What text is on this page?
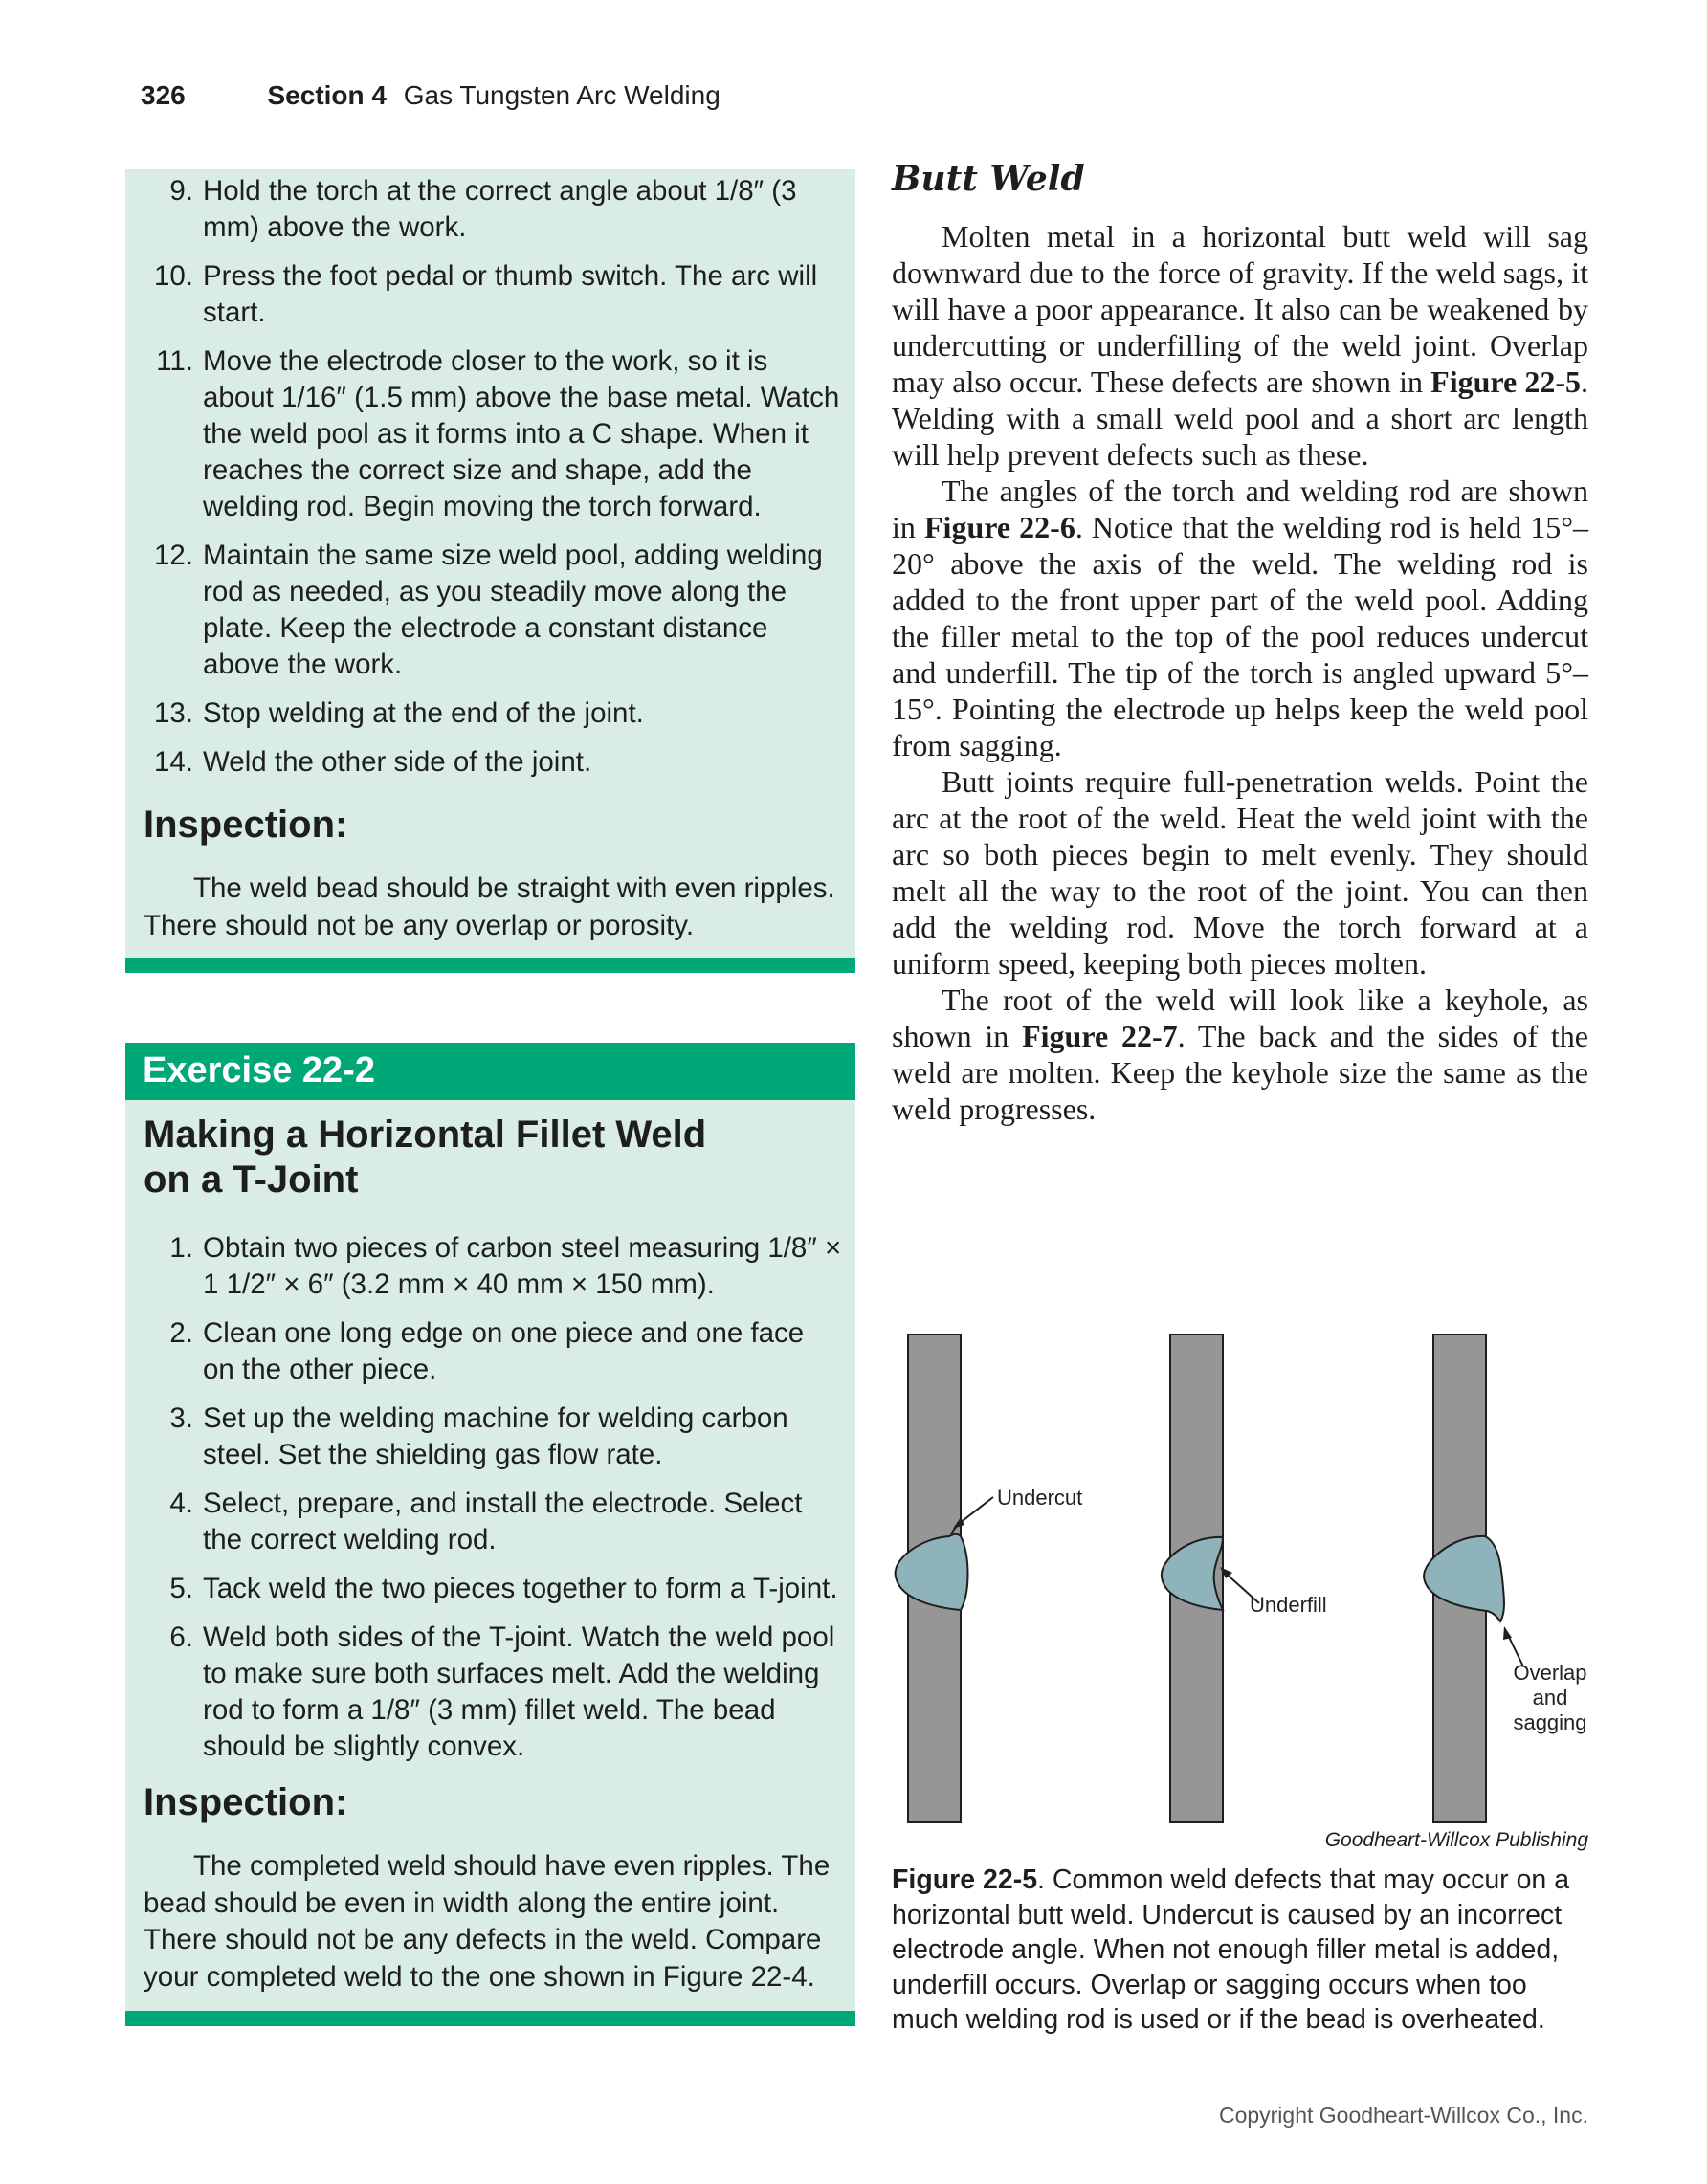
326	Section 4 Gas Tungsten Arc Welding
9. Hold the torch at the correct angle about 1/8″ (3 mm) above the work.
10. Press the foot pedal or thumb switch. The arc will start.
11. Move the electrode closer to the work, so it is about 1/16″ (1.5 mm) above the base metal. Watch the weld pool as it forms into a C shape. When it reaches the correct size and shape, add the welding rod. Begin moving the torch forward.
12. Maintain the same size weld pool, adding welding rod as needed, as you steadily move along the plate. Keep the electrode a constant distance above the work.
13. Stop welding at the end of the joint.
14. Weld the other side of the joint.
Inspection:
The weld bead should be straight with even ripples. There should not be any overlap or porosity.
Exercise 22-2
Making a Horizontal Fillet Weld
on a T-Joint
1. Obtain two pieces of carbon steel measuring 1/8″ × 1 1/2″ × 6″ (3.2 mm × 40 mm × 150 mm).
2. Clean one long edge on one piece and one face on the other piece.
3. Set up the welding machine for welding carbon steel. Set the shielding gas flow rate.
4. Select, prepare, and install the electrode. Select the correct welding rod.
5. Tack weld the two pieces together to form a T-joint.
6. Weld both sides of the T-joint. Watch the weld pool to make sure both surfaces melt. Add the welding rod to form a 1/8″ (3 mm) fillet weld. The bead should be slightly convex.
Inspection:
The completed weld should have even ripples. The bead should be even in width along the entire joint. There should not be any defects in the weld. Compare your completed weld to the one shown in Figure 22-4.
Butt Weld

Molten metal in a horizontal butt weld will sag downward due to the force of gravity. If the weld sags, it will have a poor appearance. It also can be weakened by undercutting or underfilling of the weld joint. Overlap may also occur. These defects are shown in Figure 22-5. Welding with a small weld pool and a short arc length will help prevent defects such as these.

The angles of the torch and welding rod are shown in Figure 22-6. Notice that the welding rod is held 15°–20° above the axis of the weld. The welding rod is added to the front upper part of the weld pool. Adding the filler metal to the top of the pool reduces undercut and underfill. The tip of the torch is angled upward 5°–15°. Pointing the electrode up helps keep the weld pool from sagging.

Butt joints require full-penetration welds. Point the arc at the root of the weld. Heat the weld joint with the arc so both pieces begin to melt evenly. They should melt all the way to the root of the joint. You can then add the welding rod. Move the torch forward at a uniform speed, keeping both pieces molten.

The root of the weld will look like a keyhole, as shown in Figure 22-7. The back and the sides of the weld are molten. Keep the keyhole size the same as the weld progresses.

Undercut
Underfill
Overlap
and
sagging
Goodheart-Willcox Publishing
Figure 22-5. Common weld defects that may occur on a horizontal butt weld. Undercut is caused by an incorrect electrode angle. When not enough filler metal is added, underfill occurs. Overlap or sagging occurs when too much welding rod is used or if the bead is overheated.
Copyright Goodheart-Willcox Co., Inc.
